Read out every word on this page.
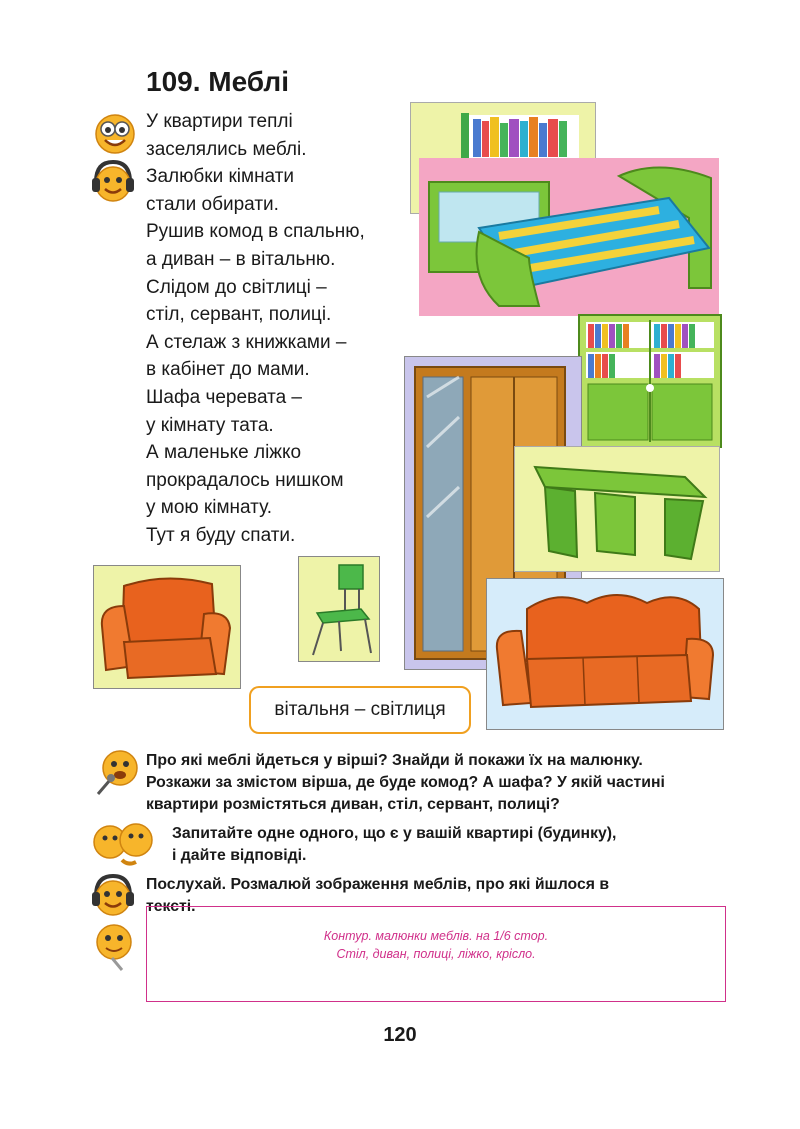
109. Меблі
У квартири теплі
заселялись меблі.
Залюбки кімнати
стали обирати.
Рушив комод в спальню,
а диван – в вітальню.
Слідом до світлиці –
стіл, сервант, полиці.
А стелаж з книжками –
в кабінет до мами.
Шафа черевата –
у кімнату тата.
А маленьке ліжко
прокрадалось нишком
у мою кімнату.
Тут я буду спати.
вітальня – світлиця
Про які меблі йдеться у вірші? Знайди й покажи їх на малюнку.
Розкажи за змістом вірша, де буде комод? А шафа? У якій частині
квартири розмістяться диван, стіл, сервант, полиці?
Запитайте одне одного, що є у вашій квартирі (будинку),
і дайте відповіді.
Послухай. Розмалюй зображення меблів, про які йшлося в
тексті.
Контур. малюнки меблів. на 1/6 стор.
Стіл, диван, полиці, ліжко, крісло.
120
